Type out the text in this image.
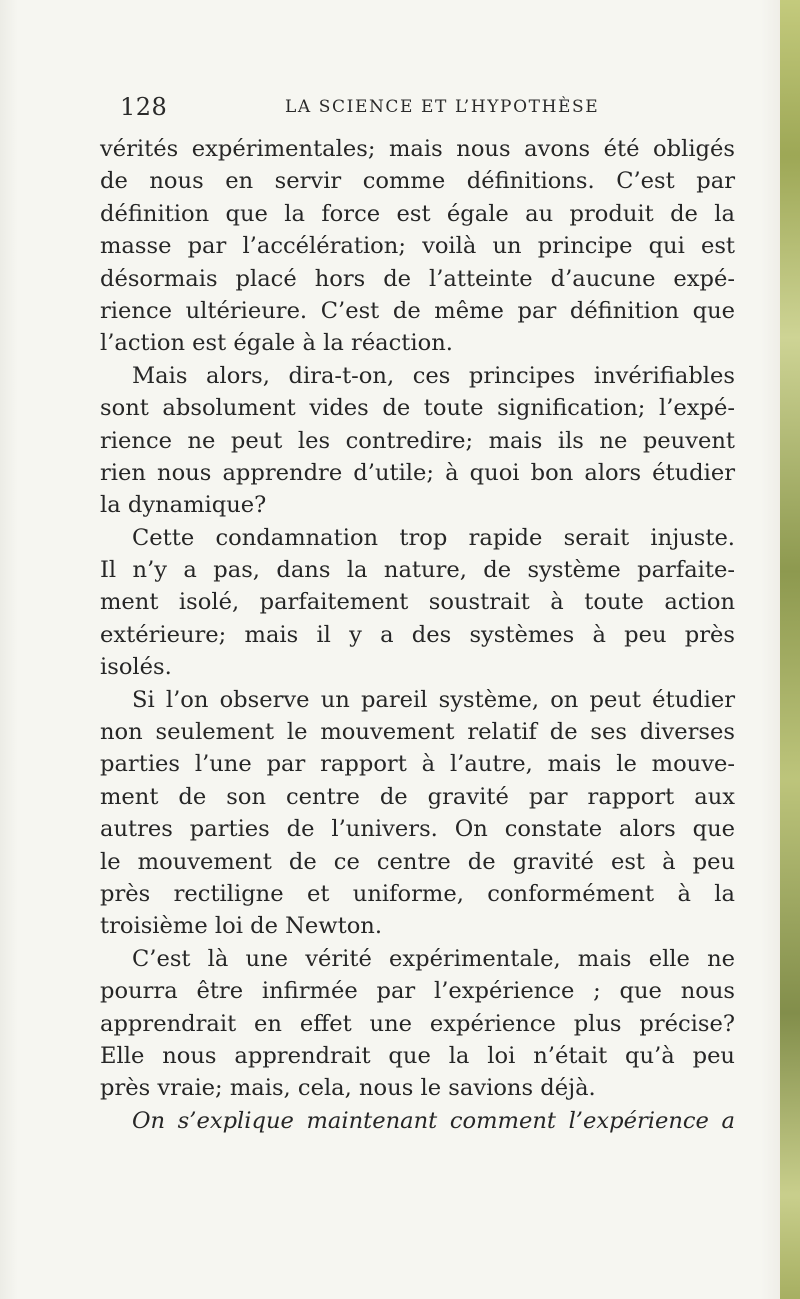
128	LA SCIENCE ET L’HYPOTHÈSE
vérités expérimentales; mais nous avons été obligés
de nous en servir comme définitions. C’est par
définition que la force est égale au produit de la
masse par l’accélération; voilà un principe qui est
désormais placé hors de l’atteinte d’aucune expé-
rience ultérieure. C’est de même par définition que
l’action est égale à la réaction.
Mais alors, dira-t-on, ces principes invérifiables
sont absolument vides de toute signification; l’expé-
rience ne peut les contredire; mais ils ne peuvent
rien nous apprendre d’utile; à quoi bon alors étudier
la dynamique?
Cette condamnation trop rapide serait injuste.
Il n’y a pas, dans la nature, de système parfaite-
ment isolé, parfaitement soustrait à toute action
extérieure; mais il y a des systèmes à peu près
isolés.
Si l’on observe un pareil système, on peut étudier
non seulement le mouvement relatif de ses diverses
parties l’une par rapport à l’autre, mais le mouve-
ment de son centre de gravité par rapport aux
autres parties de l’univers. On constate alors que
le mouvement de ce centre de gravité est à peu
près rectiligne et uniforme, conformément à la
troisième loi de Newton.
C’est là une vérité expérimentale, mais elle ne
pourra être infirmée par l’expérience ; que nous
apprendrait en effet une expérience plus précise?
Elle nous apprendrait que la loi n’était qu’à peu
près vraie; mais, cela, nous le savions déjà.
On s’explique maintenant comment l’expérience a
